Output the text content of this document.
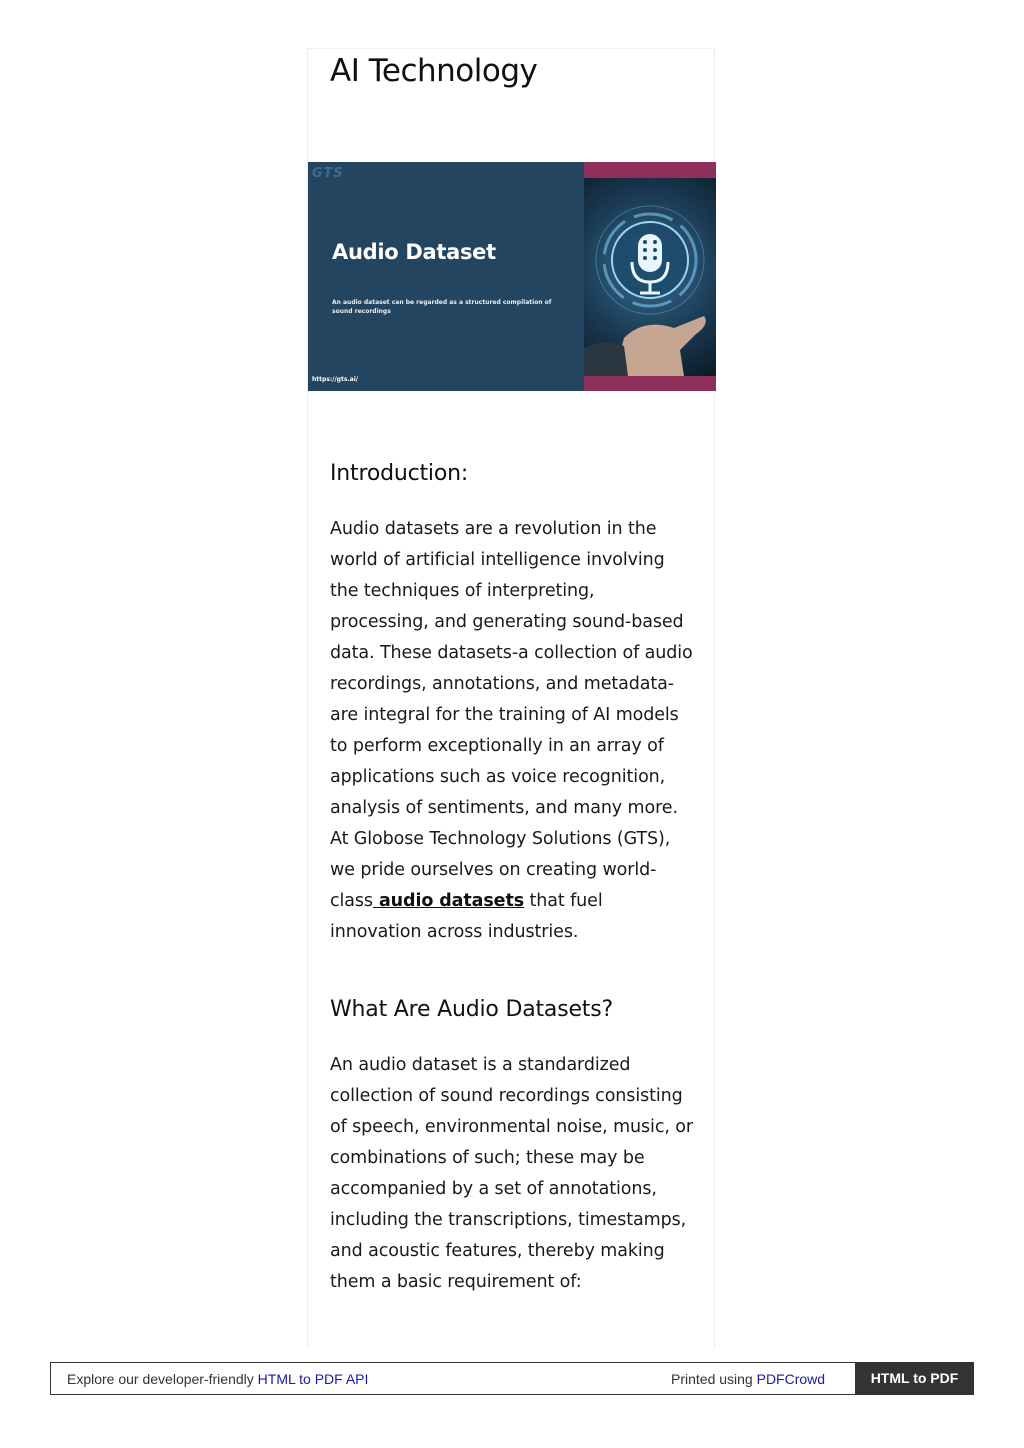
AI Technology
GTS
Audio Dataset
An audio dataset can be regarded as a structured compilation of sound recordings
https://gts.ai/
Introduction:

Audio datasets are a revolution in the world of artificial intelligence involving the techniques of interpreting, processing, and generating sound-based data. These datasets-a collection of audio recordings, annotations, and metadata-are integral for the training of AI models to perform exceptionally in an array of applications such as voice recognition, analysis of sentiments, and many more. At Globose Technology Solutions (GTS), we pride ourselves on creating world-class audio datasets that fuel innovation across industries.

What Are Audio Datasets?

An audio dataset is a standardized collection of sound recordings consisting of speech, environmental noise, music, or combinations of such; these may be accompanied by a set of annotations, including the transcriptions, timestamps, and acoustic features, thereby making them a basic requirement of:

Explore our developer-friendly HTML to PDF API	Printed using PDFCrowd	HTML to PDF
